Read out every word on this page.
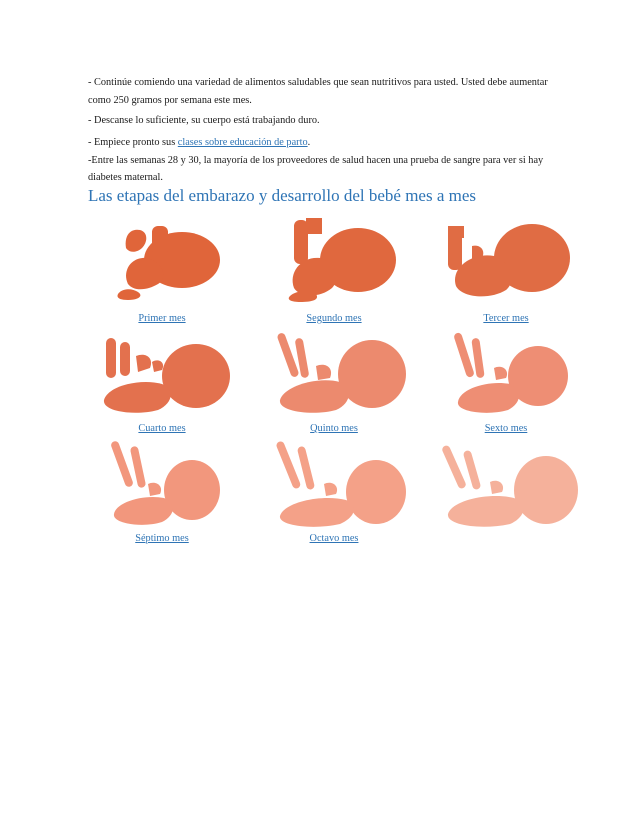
- Continúe comiendo una variedad de alimentos saludables que sean nutritivos para usted. Usted debe aumentar como 250 gramos por semana este mes.

- Descanse lo suficiente, su cuerpo está trabajando duro.

- Empiece pronto sus clases sobre educación de parto.
-Entre las semanas 28 y 30, la mayoría de los proveedores de salud hacen una prueba de sangre para ver si hay diabetes maternal.

Las etapas del embarazo y desarrollo del bebé mes a mes
Primer mes	Segundo mes	Tercer mes
Cuarto mes	Quinto mes	Sexto mes
Séptimo mes	Octavo mes
